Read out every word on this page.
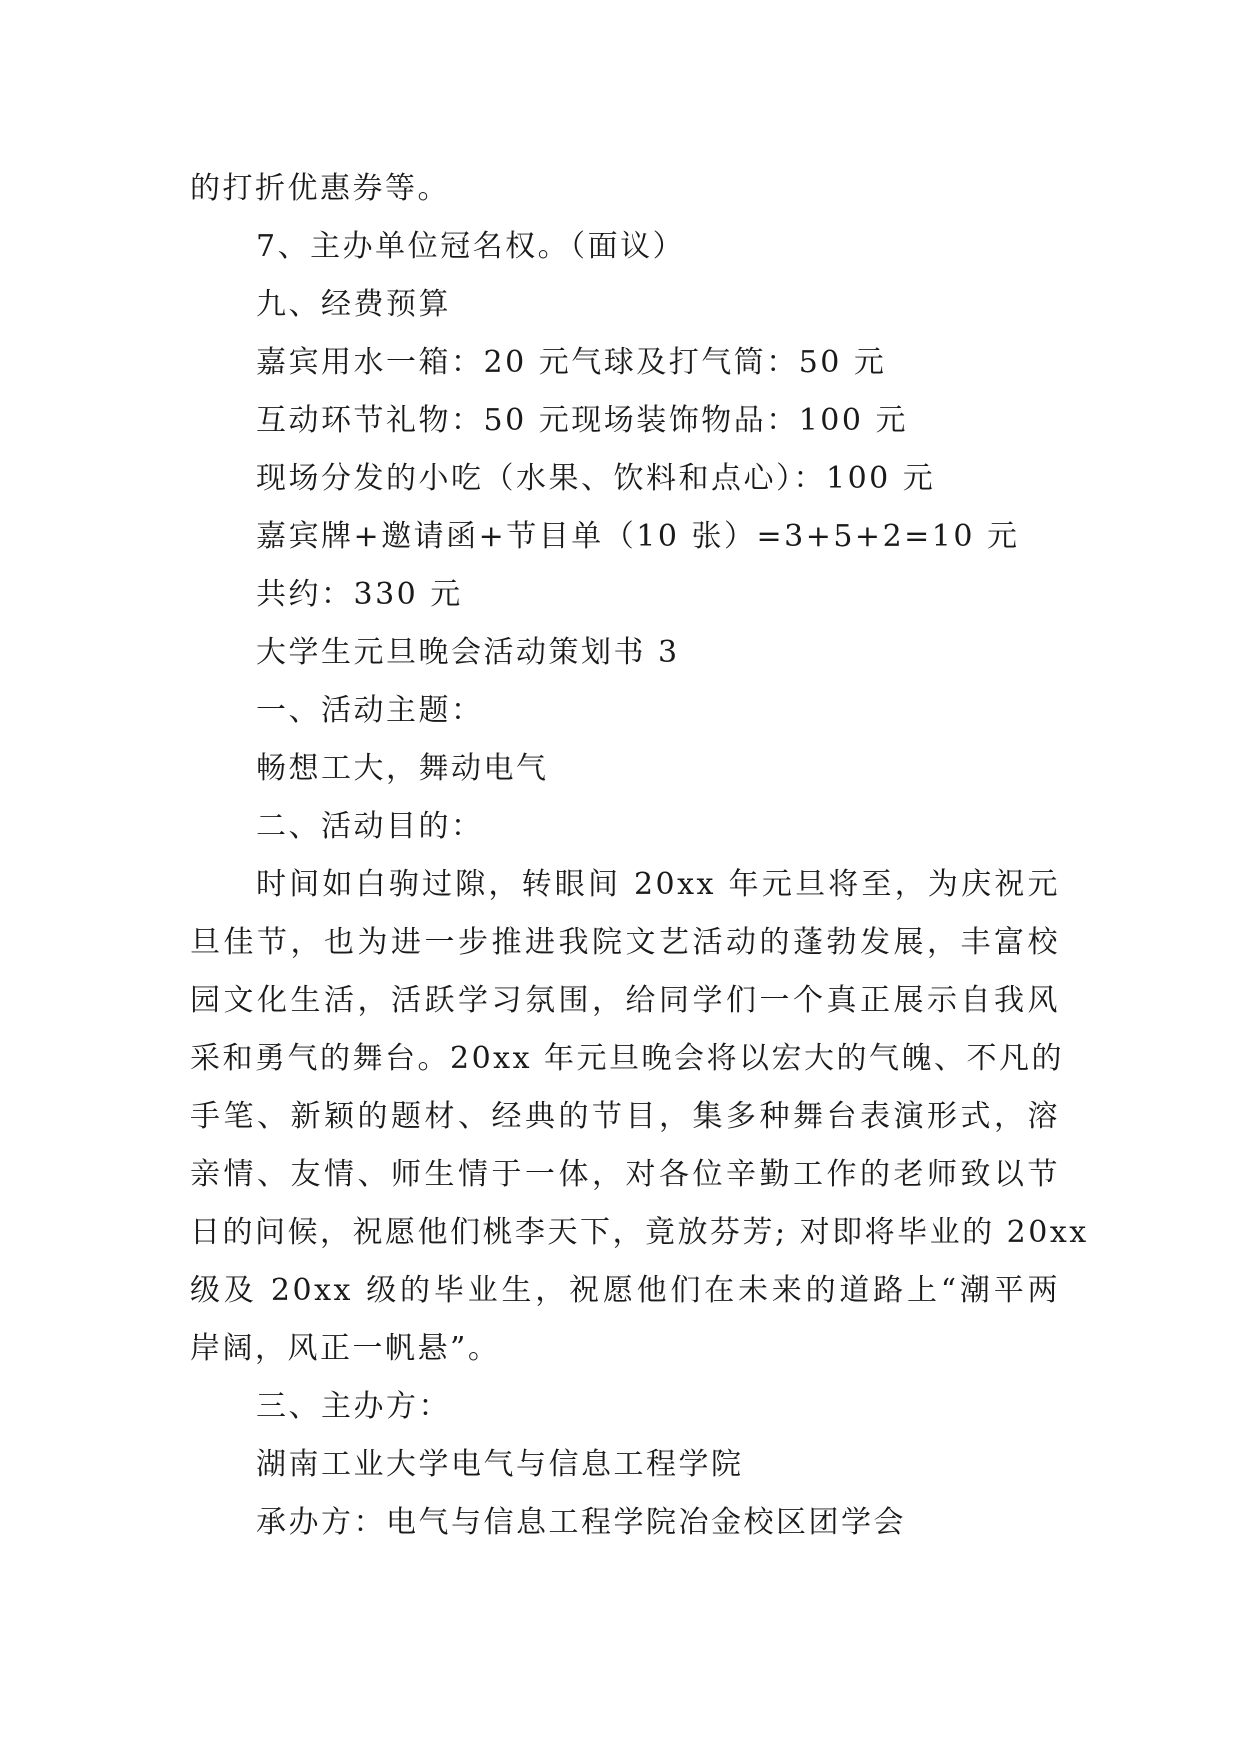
的打折优惠券等。
7、主办单位冠名权。（面议）
九、经费预算
嘉宾用水一箱：20 元气球及打气筒：50 元
互动环节礼物：50 元现场装饰物品：100 元
现场分发的小吃（水果、饮料和点心）：100 元
嘉宾牌+邀请函+节目单（10 张）=3+5+2=10 元
共约：330 元
大学生元旦晚会活动策划书 3
一、活动主题：
畅想工大，舞动电气
二、活动目的：
时间如白驹过隙，转眼间 20xx 年元旦将至，为庆祝元
旦佳节，也为进一步推进我院文艺活动的蓬勃发展，丰富校
园文化生活，活跃学习氛围，给同学们一个真正展示自我风
采和勇气的舞台。20xx 年元旦晚会将以宏大的气魄、不凡的
手笔、新颖的题材、经典的节目，集多种舞台表演形式，溶
亲情、友情、师生情于一体，对各位辛勤工作的老师致以节
日的问候，祝愿他们桃李天下，竟放芬芳; 对即将毕业的 20xx
级及 20xx 级的毕业生，祝愿他们在未来的道路上“潮平两
岸阔，风正一帆悬”。
三、主办方：
湖南工业大学电气与信息工程学院
承办方：电气与信息工程学院冶金校区团学会
